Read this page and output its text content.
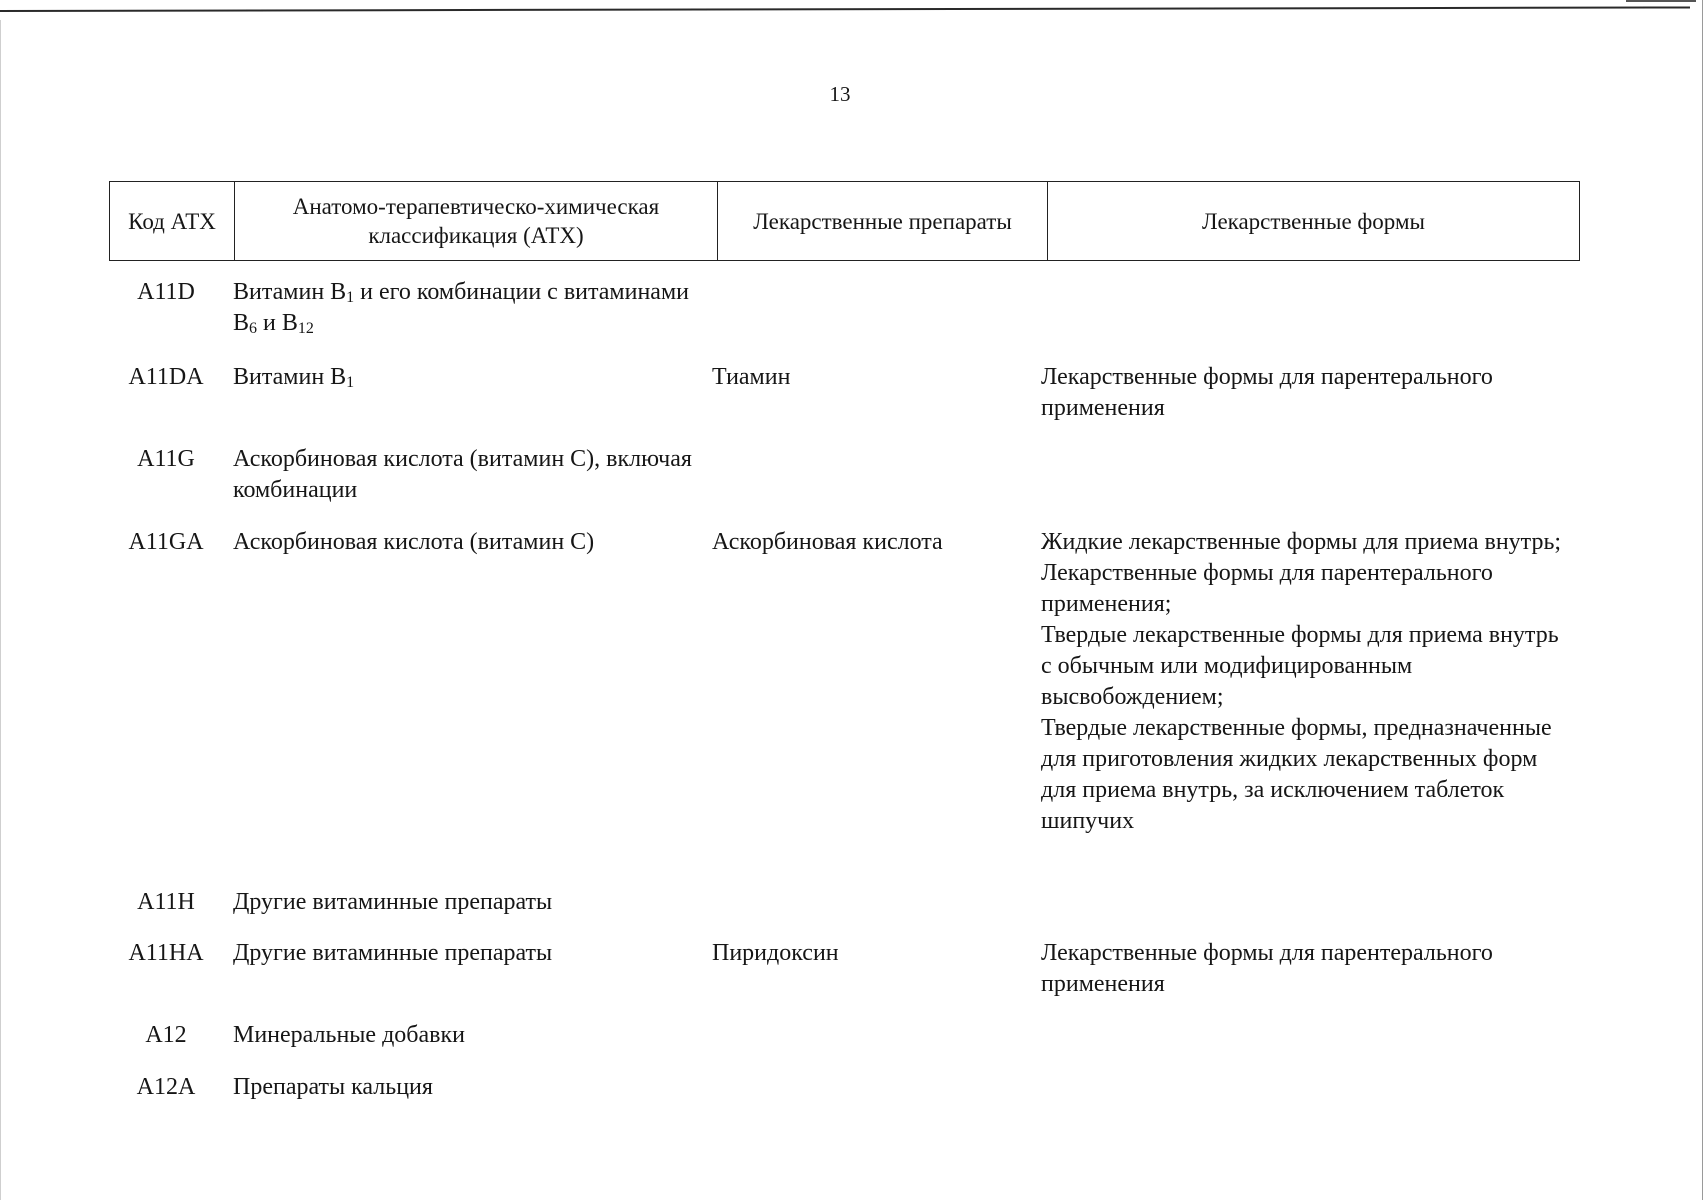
13
Код АТХ	Анатомо-терапевтическо-химическая классификация (АТХ)	Лекарственные препараты	Лекарственные формы
A11D	Витамин $B_1$ и его комбинации с витаминами $B_6$ и $B_{12}$
A11DA	Витамин $B_1$	Тиамин	Лекарственные формы для парентерального применения
A11G	Аскорбиновая кислота (витамин C), включая комбинации
A11GA	Аскорбиновая кислота (витамин C)	Аскорбиновая кислота	Жидкие лекарственные формы для приема внутрь;
Лекарственные формы для парентерального применения;
Твердые лекарственные формы для приема внутрь с обычным или модифицированным высвобождением;
Твердые лекарственные формы, предназначенные для приготовления жидких лекарственных форм для приема внутрь, за исключением таблеток шипучих
A11H	Другие витаминные препараты
A11HA	Другие витаминные препараты	Пиридоксин	Лекарственные формы для парентерального применения
A12	Минеральные добавки
A12A	Препараты кальция
